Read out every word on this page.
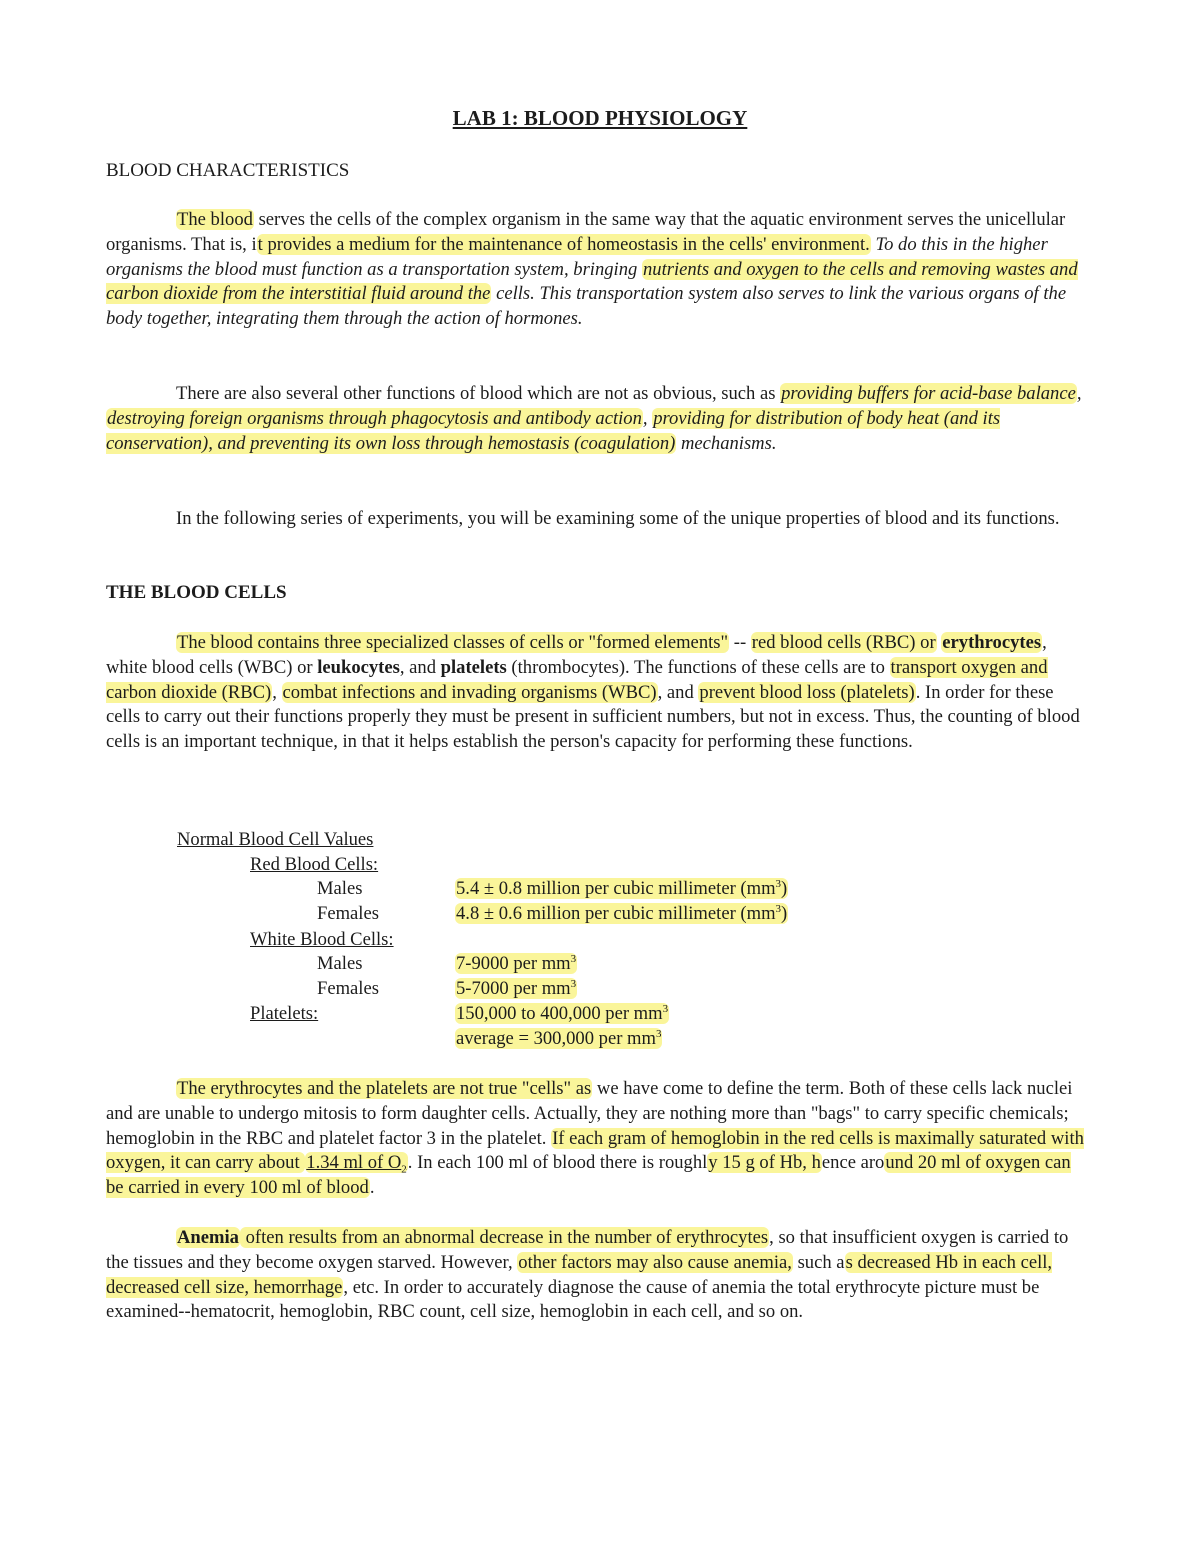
LAB 1: BLOOD PHYSIOLOGY
BLOOD CHARACTERISTICS
The blood serves the cells of the complex organism in the same way that the aquatic environment serves the unicellular organisms. That is, it provides a medium for the maintenance of homeostasis in the cells' environment. To do this in the higher organisms the blood must function as a transportation system, bringing nutrients and oxygen to the cells and removing wastes and carbon dioxide from the interstitial fluid around the cells. This transportation system also serves to link the various organs of the body together, integrating them through the action of hormones.
There are also several other functions of blood which are not as obvious, such as providing buffers for acid-base balance, destroying foreign organisms through phagocytosis and antibody action, providing for distribution of body heat (and its conservation), and preventing its own loss through hemostasis (coagulation) mechanisms.
In the following series of experiments, you will be examining some of the unique properties of blood and its functions.
THE BLOOD CELLS
The blood contains three specialized classes of cells or "formed elements" -- red blood cells (RBC) or erythrocytes, white blood cells (WBC) or leukocytes, and platelets (thrombocytes). The functions of these cells are to transport oxygen and carbon dioxide (RBC), combat infections and invading organisms (WBC), and prevent blood loss (platelets). In order for these cells to carry out their functions properly they must be present in sufficient numbers, but not in excess. Thus, the counting of blood cells is an important technique, in that it helps establish the person's capacity for performing these functions.
Normal Blood Cell Values
Red Blood Cells:
Males	5.4 ± 0.8 million per cubic millimeter $(mm^3)$
Females	4.8 ± 0.6 million per cubic millimeter $(mm^3)$
White Blood Cells:
Males	7-9000 per $mm^3$
Females	5-7000 per $mm^3$
Platelets:	150,000 to 400,000 per $mm^3$
average = 300,000 per $mm^3$
The erythrocytes and the platelets are not true "cells" as we have come to define the term. Both of these cells lack nuclei and are unable to undergo mitosis to form daughter cells. Actually, they are nothing more than "bags" to carry specific chemicals; hemoglobin in the RBC and platelet factor 3 in the platelet. If each gram of hemoglobin in the red cells is maximally saturated with oxygen, it can carry about 1.34 ml of $O_2$. In each 100 ml of blood there is roughly 15 g of Hb, hence around 20 ml of oxygen can be carried in every 100 ml of blood.
Anemia often results from an abnormal decrease in the number of erythrocytes, so that insufficient oxygen is carried to the tissues and they become oxygen starved. However, other factors may also cause anemia, such as decreased Hb in each cell, decreased cell size, hemorrhage, etc. In order to accurately diagnose the cause of anemia the total erythrocyte picture must be examined--hematocrit, hemoglobin, RBC count, cell size, hemoglobin in each cell, and so on.
